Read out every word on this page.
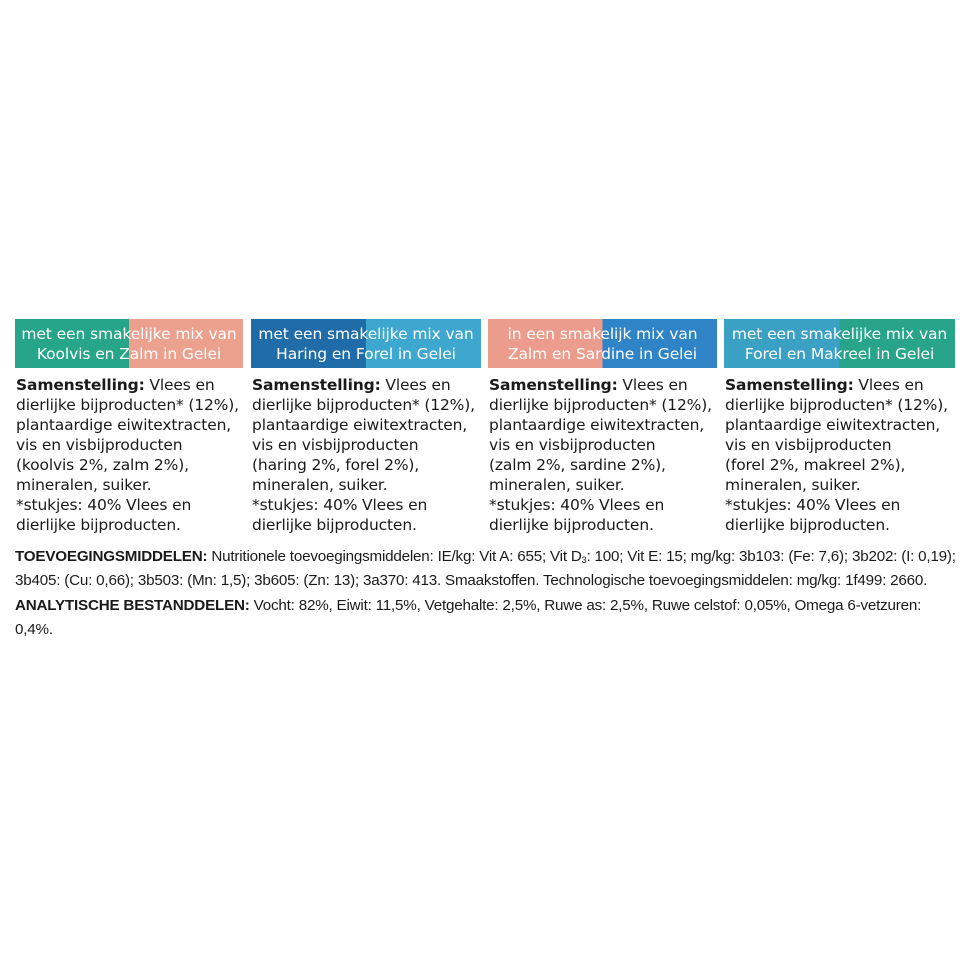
met een smakelijke mix van
Koolvis en Zalm in Gelei
Samenstelling: Vlees en
dierlijke bijproducten* (12%),
plantaardige eiwitextracten,
vis en visbijproducten
(koolvis 2%, zalm 2%),
mineralen, suiker.
*stukjes: 40% Vlees en
dierlijke bijproducten.
met een smakelijke mix van
Haring en Forel in Gelei
Samenstelling: Vlees en
dierlijke bijproducten* (12%),
plantaardige eiwitextracten,
vis en visbijproducten
(haring 2%, forel 2%),
mineralen, suiker.
*stukjes: 40% Vlees en
dierlijke bijproducten.
in een smakelijk mix van
Zalm en Sardine in Gelei
Samenstelling: Vlees en
dierlijke bijproducten* (12%),
plantaardige eiwitextracten,
vis en visbijproducten
(zalm 2%, sardine 2%),
mineralen, suiker.
*stukjes: 40% Vlees en
dierlijke bijproducten.
met een smakelijke mix van
Forel en Makreel in Gelei
Samenstelling: Vlees en
dierlijke bijproducten* (12%),
plantaardige eiwitextracten,
vis en visbijproducten
(forel 2%, makreel 2%),
mineralen, suiker.
*stukjes: 40% Vlees en
dierlijke bijproducten.
TOEVOEGINGSMIDDELEN: Nutritionele toevoegingsmiddelen: IE/kg: Vit A: 655; Vit $D_3$: 100; Vit E: 15; mg/kg: 3b103: (Fe: 7,6); 3b202: (I: 0,19); 3b405: (Cu: 0,66); 3b503: (Mn: 1,5); 3b605: (Zn: 13); 3a370: 413. Smaakstoffen. Technologische toevoegingsmiddelen: mg/kg: 1f499: 2660. ANALYTISCHE BESTANDDELEN: Vocht: 82%, Eiwit: 11,5%, Vetgehalte: 2,5%, Ruwe as: 2,5%, Ruwe celstof: 0,05%, Omega 6-vetzuren: 0,4%.
